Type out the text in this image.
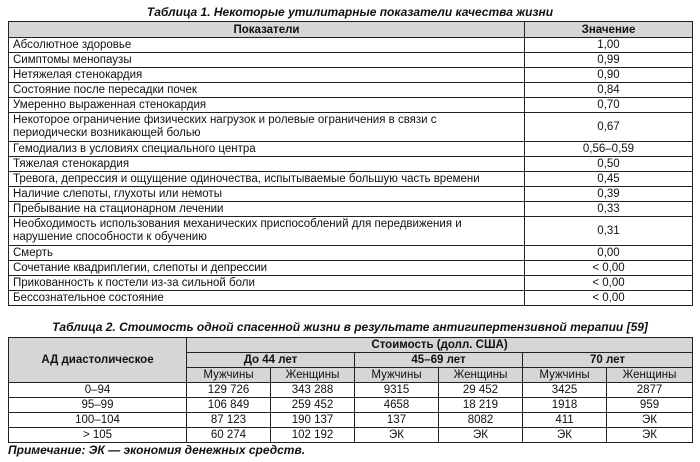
Таблица 1. Некоторые утилитарные показатели качества жизни
Показатели	Значение
Абсолютное здоровье	1,00
Симптомы менопаузы	0,99
Нетяжелая стенокардия	0,90
Состояние после пересадки почек	0,84
Умеренно выраженная стенокардия	0,70
Некоторое ограничение физических нагрузок и ролевые ограничения в связи с периодически возникающей болью	0,67
Гемодиализ в условиях специального центра	0,56–0,59
Тяжелая стенокардия	0,50
Тревога, депрессия и ощущение одиночества, испытываемые большую часть времени	0,45
Наличие слепоты, глухоты или немоты	0,39
Пребывание на стационарном лечении	0,33
Необходимость использования механических приспособлений для передвижения и нарушение способности к обучению	0,31
Смерть	0,00
Сочетание квадриплегии, слепоты и депрессии	< 0,00
Прикованность к постели из-за сильной боли	< 0,00
Бессознательное состояние	< 0,00
Таблица 2. Стоимость одной спасенной жизни в результате антигипертензивной терапии [59]
АД диастолическое	Стоимость (долл. США)					
	До 44 лет		45–69 лет		70 лет	
	Мужчины	Женщины	Мужчины	Женщины	Мужчины	Женщины
0–94	129 726	343 288	9315	29 452	3425	2877
95–99	106 849	259 452	4658	18 219	1918	959
100–104	87 123	190 137	137	8082	411	ЭК
> 105	60 274	102 192	ЭК	ЭК	ЭК	ЭК
Примечание: ЭК — экономия денежных средств.
